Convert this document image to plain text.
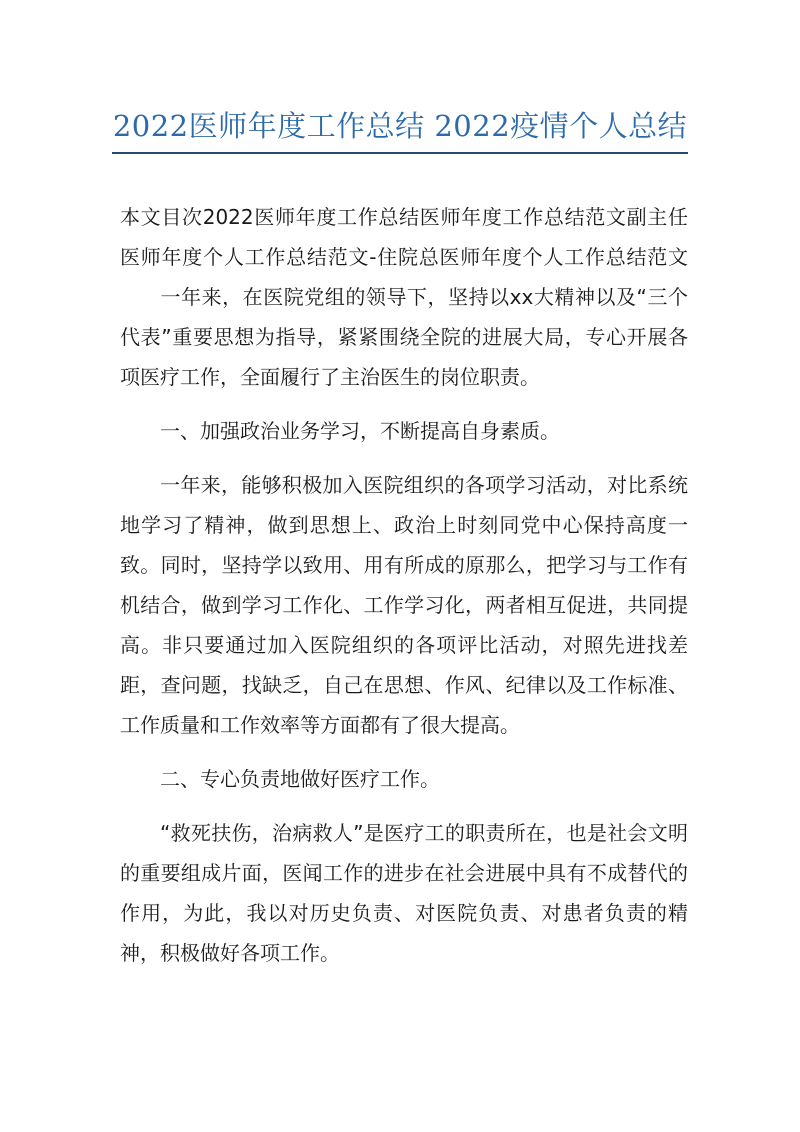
2022医师年度工作总结 2022疫情个人总结

本文目次2022医师年度工作总结医师年度工作总结范文副主任医师年度个人工作总结范文-住院总医师年度个人工作总结范文一年来，在医院党组的领导下，坚持以xx大精神以及“三个代表”重要思想为指导，紧紧围绕全院的进展大局，专心开展各项医疗工作，全面履行了主治医生的岗位职责。

一、加强政治业务学习，不断提高自身素质。

一年来，能够积极加入医院组织的各项学习活动，对比系统地学习了精神，做到思想上、政治上时刻同党中心保持高度一致。同时，坚持学以致用、用有所成的原那么，把学习与工作有机结合，做到学习工作化、工作学习化，两者相互促进，共同提高。非只要通过加入医院组织的各项评比活动，对照先进找差距，查问题，找缺乏，自己在思想、作风、纪律以及工作标准、工作质量和工作效率等方面都有了很大提高。

二、专心负责地做好医疗工作。

“救死扶伤，治病救人”是医疗工的职责所在，也是社会文明的重要组成片面，医闻工作的进步在社会进展中具有不成替代的作用，为此，我以对历史负责、对医院负责、对患者负责的精神，积极做好各项工作。
